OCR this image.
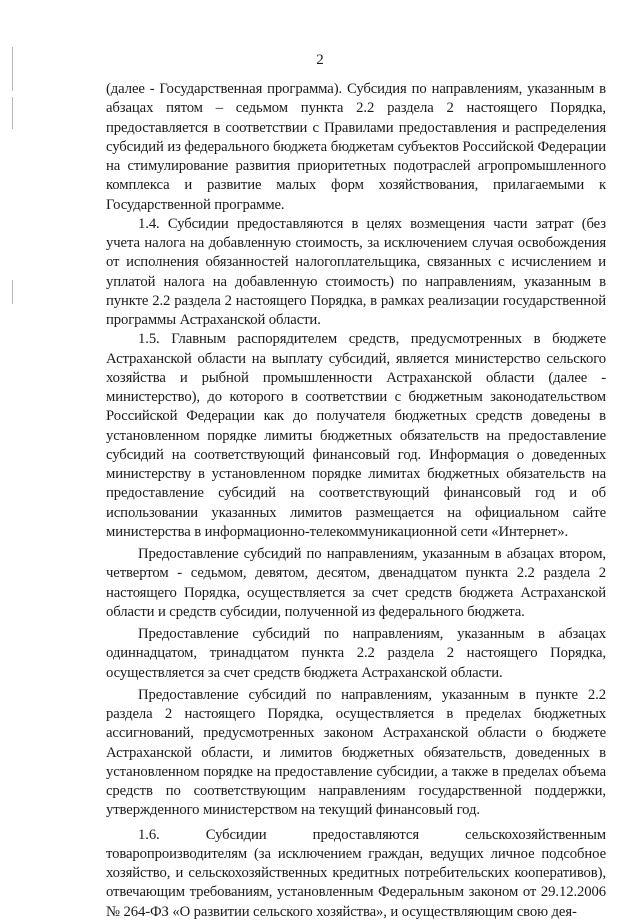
2

(далее - Государственная программа). Субсидия по направлениям, указанным в абзацах пятом – седьмом пункта 2.2 раздела 2 настоящего Порядка, предоставляется в соответствии с Правилами предоставления и распределения субсидий из федерального бюджета бюджетам субъектов Российской Федерации на стимулирование развития приоритетных подотраслей агропромышленного комплекса и развитие малых форм хозяйствования, прилагаемыми к Государственной программе.

1.4. Субсидии предоставляются в целях возмещения части затрат (без учета налога на добавленную стоимость, за исключением случая освобождения от исполнения обязанностей налогоплательщика, связанных с исчислением и уплатой налога на добавленную стоимость) по направлениям, указанным в пункте 2.2 раздела 2 настоящего Порядка, в рамках реализации государственной программы Астраханской области.

1.5. Главным распорядителем средств, предусмотренных в бюджете Астраханской области на выплату субсидий, является министерство сельского хозяйства и рыбной промышленности Астраханской области (далее - министерство), до которого в соответствии с бюджетным законодательством Российской Федерации как до получателя бюджетных средств доведены в установленном порядке лимиты бюджетных обязательств на предоставление субсидий на соответствующий финансовый год. Информация о доведенных министерству в установленном порядке лимитах бюджетных обязательств на предоставление субсидий на соответствующий финансовый год и об использовании указанных лимитов размещается на официальном сайте министерства в информационно-телекоммуникационной сети «Интернет».

Предоставление субсидий по направлениям, указанным в абзацах втором, четвертом - седьмом, девятом, десятом, двенадцатом пункта 2.2 раздела 2 настоящего Порядка, осуществляется за счет средств бюджета Астраханской области и средств субсидии, полученной из федерального бюджета.

Предоставление субсидий по направлениям, указанным в абзацах одиннадцатом, тринадцатом пункта 2.2 раздела 2 настоящего Порядка, осуществляется за счет средств бюджета Астраханской области.

Предоставление субсидий по направлениям, указанным в пункте 2.2 раздела 2 настоящего Порядка, осуществляется в пределах бюджетных ассигнований, предусмотренных законом Астраханской области о бюджете Астраханской области, и лимитов бюджетных обязательств, доведенных в установленном порядке на предоставление субсидии, а также в пределах объема средств по соответствующим направлениям государственной поддержки, утвержденного министерством на текущий финансовый год.

1.6. Субсидии предоставляются сельскохозяйственным товаропроизводителям (за исключением граждан, ведущих личное подсобное хозяйство, и сельскохозяйственных кредитных потребительских кооперативов), отвечающим требованиям, установленным Федеральным законом от 29.12.2006 № 264-ФЗ «О развитии сельского хозяйства», и осуществляющим свою дея-
